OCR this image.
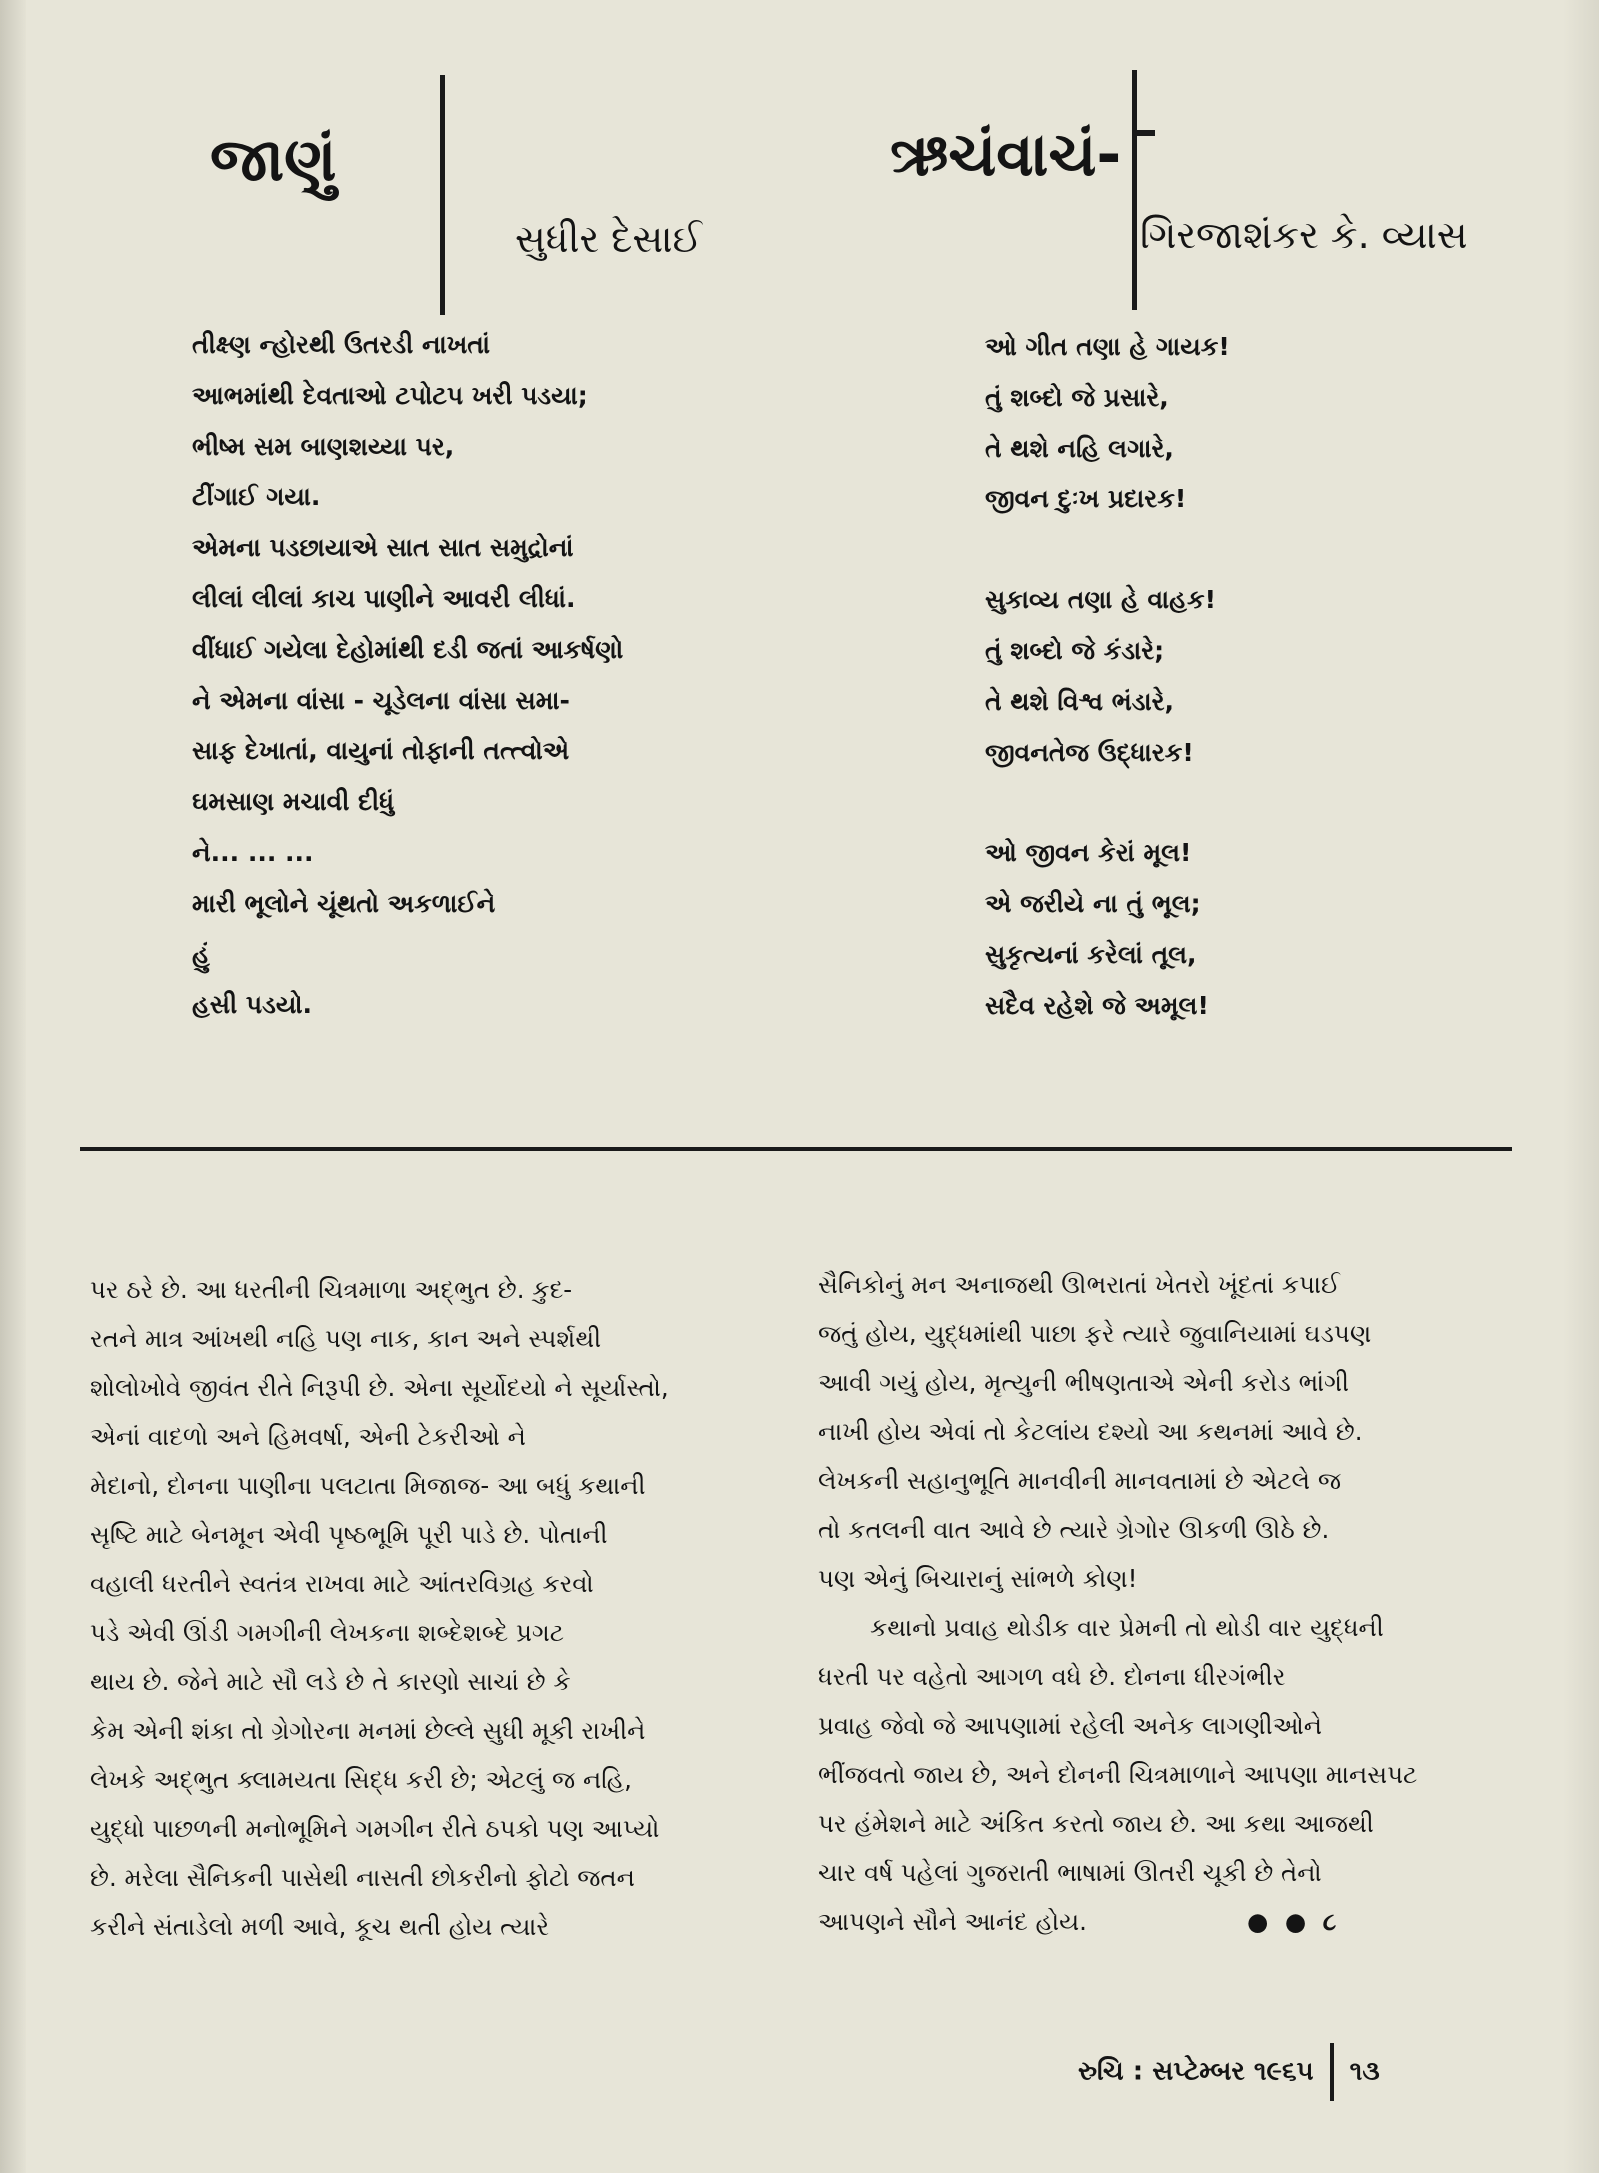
જાણું
સુધીર દેસાઈ
ઋચંવાચં-
ગિરજાશંકર કે. વ્યાસ
તીક્ષ્ણ ન્હોરથી ઉતરડી નાખતાં
આભમાંથી દેવતાઓ ટપોટપ ખરી પડયા;
ભીષ્મ સમ બાણશય્યા પર,
ટીંગાઈ ગયા.
એમના પડછાયાએ સાત સાત સમુદ્રોનાં
લીલાં લીલાં કાચ પાણીને આવરી લીધાં.
વીંધાઈ ગયેલા દેહોમાંથી દડી જતાં આકર્ષણો
ને એમના વાંસા - ચૂડેલના વાંસા સમા-
સાફ દેખાતાં, વાયુનાં તોફાની તત્ત્વોએ
ઘમસાણ મચાવી દીધું
ને... ... ...
મારી ભૂલોને ચૂંથતો અકળાઈને
હું
હસી પડયો.
ઓ ગીત તણા હે ગાયક!
તું શબ્દો જે પ્રસારે,
તે થશે નહિ લગારે,
જીવન દુઃખ પ્રદારક!
સુકાવ્ય તણા હે વાહક!
તું શબ્દો જે કંડારે;
તે થશે વિશ્વ ભંડારે,
જીવનતેજ ઉદ્ધારક!
ઓ જીવન કેરાં મૂલ!
એ જરીયે ના તું ભૂલ;
સુકૃત્યનાં કરેલાં તૂલ,
સદૈવ રહેશે જે અમૂલ!
પર ઠરે છે. આ ધરતીની ચિત્રમાળા અદ્ભુત છે. કુદ-
રતને માત્ર આંખથી નહિ પણ નાક, કાન અને સ્પર્શથી
શોલોખોવે જીવંત રીતે નિરૂપી છે. એના સૂર્યોદયો ને સૂર્યાસ્તો,
એનાં વાદળો અને હિમવર્ષા, એની ટેકરીઓ ને
મેદાનો, દોનના પાણીના પલટાતા મિજાજ- આ બધું કથાની
સૃષ્ટિ માટે બેનમૂન એવી પૃષ્ઠભૂમિ પૂરી પાડે છે. પોતાની
વહાલી ધરતીને સ્વતંત્ર રાખવા માટે આંતરવિગ્રહ કરવો
પડે એવી ઊંડી ગમગીની લેખકના શબ્દેશબ્દે પ્રગટ
થાય છે. જેને માટે સૌ લડે છે તે કારણો સાચાં છે કે
કેમ એની શંકા તો ગ્રેગોરના મનમાં છેલ્લે સુધી મૂકી રાખીને
લેખકે અદ્ભુત ક્લામયતા સિદ્ધ કરી છે; એટલું જ નહિ,
યુદ્ધો પાછળની મનોભૂમિને ગમગીન રીતે ઠપકો પણ આપ્યો
છે. મરેલા સૈનિકની પાસેથી નાસતી છોકરીનો ફોટો જતન
કરીને સંતાડેલો મળી આવે, કૂચ થતી હોય ત્યારે
સૈનિકોનું મન અનાજથી ઊભરાતાં ખેતરો ખૂંદતાં કપાઈ
જતું હોય, યુદ્ધમાંથી પાછા ફરે ત્યારે જુવાનિયામાં ઘડપણ
આવી ગયું હોય, મૃત્યુની ભીષણતાએ એની કરોડ ભાંગી
નાખી હોય એવાં તો કેટલાંય દશ્યો આ કથનમાં આવે છે.
લેખકની સહાનુભૂતિ માનવીની માનવતામાં છે એટલે જ
તો કતલની વાત આવે છે ત્યારે ગ્રેગોર ઊકળી ઊઠે છે.
પણ એનું બિચારાનું સાંભળે કોણ!
કથાનો પ્રવાહ થોડીક વાર પ્રેમની તો થોડી વાર યુદ્ધની
ધરતી પર વહેતો આગળ વધે છે. દોનના ધીરગંભીર
પ્રવાહ જેવો જે આપણામાં રહેલી અનેક લાગણીઓને
ભીંજવતો જાય છે, અને દોનની ચિત્રમાળાને આપણા માનસપટ
પર હંમેશને માટે અંકિત કરતો જાય છે. આ કથા આજથી
ચાર વર્ષ પહેલાં ગુજરાતી ભાષામાં ઊતરી ચૂકી છે તેનો
આપણને સૌને આનંદ હોય.	● ● ૮
રુચિ : સપ્ટેમ્બર ૧૯૬૫ ૧૩
